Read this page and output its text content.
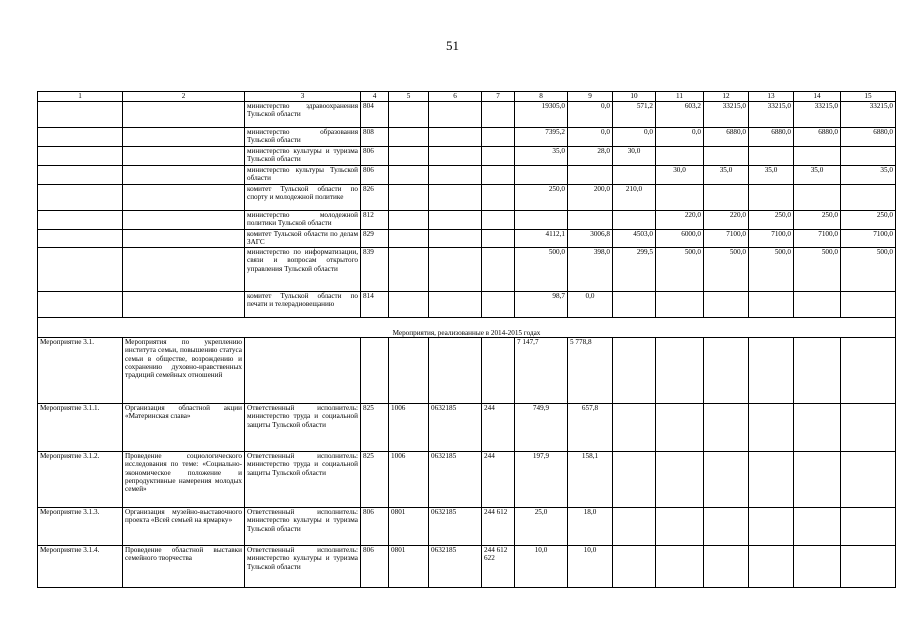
51
1	2	3	4	5	6	7	8	9	10	11	12	13	14	15
		министерство здравоохранения Тульской области	804				19305,0	0,0	571,2	603,2	33215,0	33215,0	33215,0	33215,0
		министерство образования Тульской области	808				7395,2	0,0	0,0	0,0	6880,0	6880,0	6880,0	6880,0
		министерство культуры и туризма Тульской области	806				35,0	28,0	30,0					
		министерство культуры Тульской области	806							30,0	35,0	35,0	35,0	35,0
		комитет Тульской области по спорту и молодежной политике	826				250,0	200,0	210,0					
		министерство молодежной политики Тульской области	812							220,0	220,0	250,0	250,0	250,0
		комитет Тульской области по делам ЗАГС	829				4112,1	3006,8	4503,0	6000,0	7100,0	7100,0	7100,0	7100,0
		министерство по информатизации, связи и вопросам открытого управления Тульской области	839				500,0	398,0	299,5	500,0	500,0	500,0	500,0	500,0
		комитет Тульской области по печати и телерадиовещанию	814				98,7	0,0						
Мероприятия, реализованные в 2014-2015 годах														
Мероприятие 3.1.	Мероприятия по укреплению института семьи, повышению статуса семьи в обществе, возрождению и сохранению духовно-нравственных традиций семейных отношений						7 147,7	5 778,8						
Мероприятие 3.1.1.	Организация областной акции «Материнская слава»	Ответственный исполнитель: министерство труда и социальной защиты Тульской области	825	1006	0632185	244	749,9	657,8						
Мероприятие 3.1.2.	Проведение социологического исследования по теме: «Социально-экономическое положение и репродуктивные намерения молодых семей»	Ответственный исполнитель: министерство труда и социальной защиты Тульской области	825	1006	0632185	244	197,9	158,1						
Мероприятие 3.1.3.	Организация музейно-выставочного проекта «Всей семьей на ярмарку»	Ответственный исполнитель: министерство культуры и туризма Тульской области	806	0801	0632185	244 612	25,0	18,0						
Мероприятие 3.1.4.	Проведение областной выставки семейного творчества	Ответственный исполнитель: министерство культуры и туризма Тульской области	806	0801	0632185	244 612 622	10,0	10,0						
